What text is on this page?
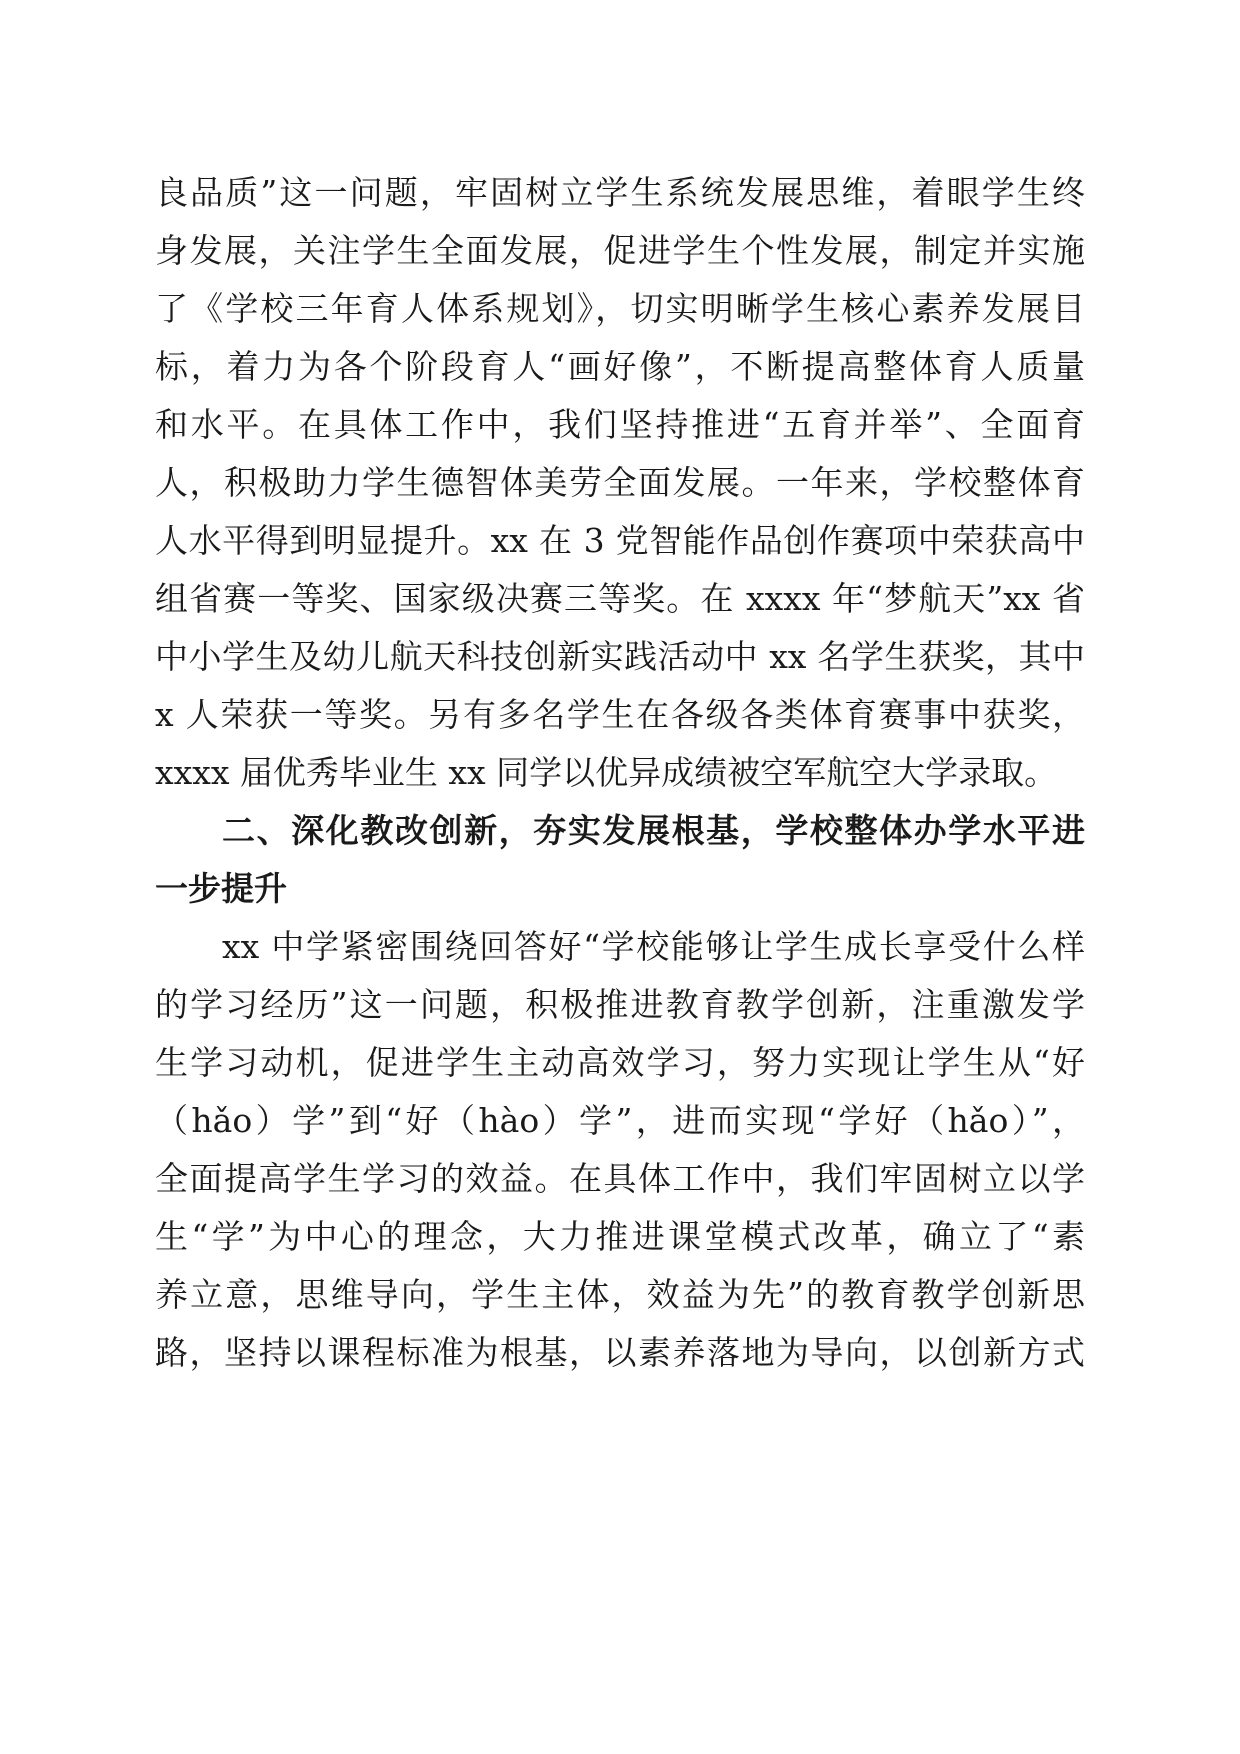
良品质”这一问题，牢固树立学生系统发展思维，着眼学生终
身发展，关注学生全面发展，促进学生个性发展，制定并实施
了《学校三年育人体系规划》，切实明晰学生核心素养发展目
标，着力为各个阶段育人“画好像”，不断提高整体育人质量
和水平。在具体工作中，我们坚持推进“五育并举”、全面育
人，积极助力学生德智体美劳全面发展。一年来，学校整体育
人水平得到明显提升。xx 在 3 党智能作品创作赛项中荣获高中
组省赛一等奖、国家级决赛三等奖。在 xxxx 年“梦航天”xx 省
中小学生及幼儿航天科技创新实践活动中 xx 名学生获奖，其中
x 人荣获一等奖。另有多名学生在各级各类体育赛事中获奖，
xxxx 届优秀毕业生 xx 同学以优异成绩被空军航空大学录取。
二、深化教改创新，夯实发展根基，学校整体办学水平进
一步提升
xx 中学紧密围绕回答好“学校能够让学生成长享受什么样
的学习经历”这一问题，积极推进教育教学创新，注重激发学
生学习动机，促进学生主动高效学习，努力实现让学生从“好
（hǎo）学”到“好（hào）学”，进而实现“学好（hǎo）”，
全面提高学生学习的效益。在具体工作中，我们牢固树立以学
生“学”为中心的理念，大力推进课堂模式改革，确立了“素
养立意，思维导向，学生主体，效益为先”的教育教学创新思
路，坚持以课程标准为根基，以素养落地为导向，以创新方式
